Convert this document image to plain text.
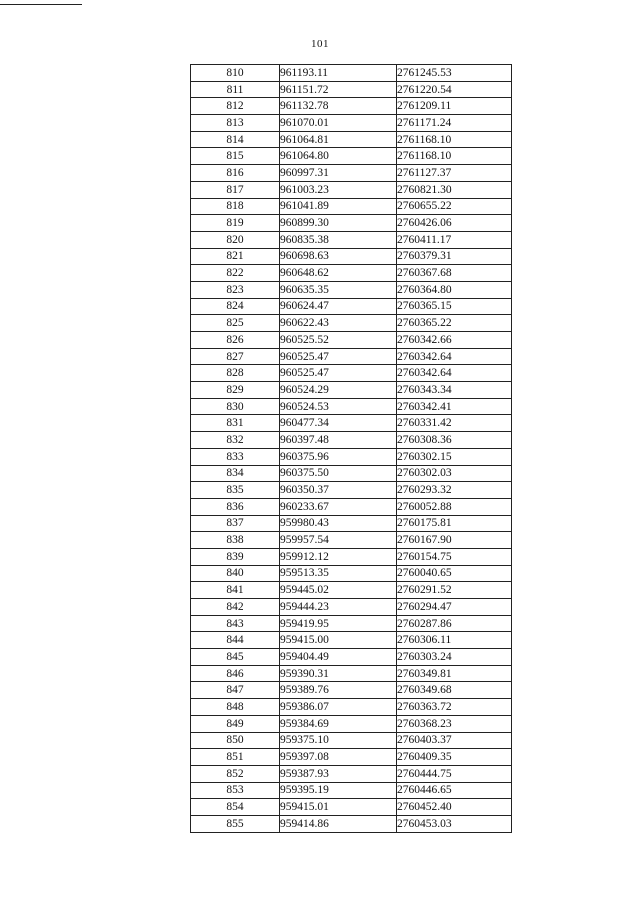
101
810	961193.11	2761245.53
811	961151.72	2761220.54
812	961132.78	2761209.11
813	961070.01	2761171.24
814	961064.81	2761168.10
815	961064.80	2761168.10
816	960997.31	2761127.37
817	961003.23	2760821.30
818	961041.89	2760655.22
819	960899.30	2760426.06
820	960835.38	2760411.17
821	960698.63	2760379.31
822	960648.62	2760367.68
823	960635.35	2760364.80
824	960624.47	2760365.15
825	960622.43	2760365.22
826	960525.52	2760342.66
827	960525.47	2760342.64
828	960525.47	2760342.64
829	960524.29	2760343.34
830	960524.53	2760342.41
831	960477.34	2760331.42
832	960397.48	2760308.36
833	960375.96	2760302.15
834	960375.50	2760302.03
835	960350.37	2760293.32
836	960233.67	2760052.88
837	959980.43	2760175.81
838	959957.54	2760167.90
839	959912.12	2760154.75
840	959513.35	2760040.65
841	959445.02	2760291.52
842	959444.23	2760294.47
843	959419.95	2760287.86
844	959415.00	2760306.11
845	959404.49	2760303.24
846	959390.31	2760349.81
847	959389.76	2760349.68
848	959386.07	2760363.72
849	959384.69	2760368.23
850	959375.10	2760403.37
851	959397.08	2760409.35
852	959387.93	2760444.75
853	959395.19	2760446.65
854	959415.01	2760452.40
855	959414.86	2760453.03
